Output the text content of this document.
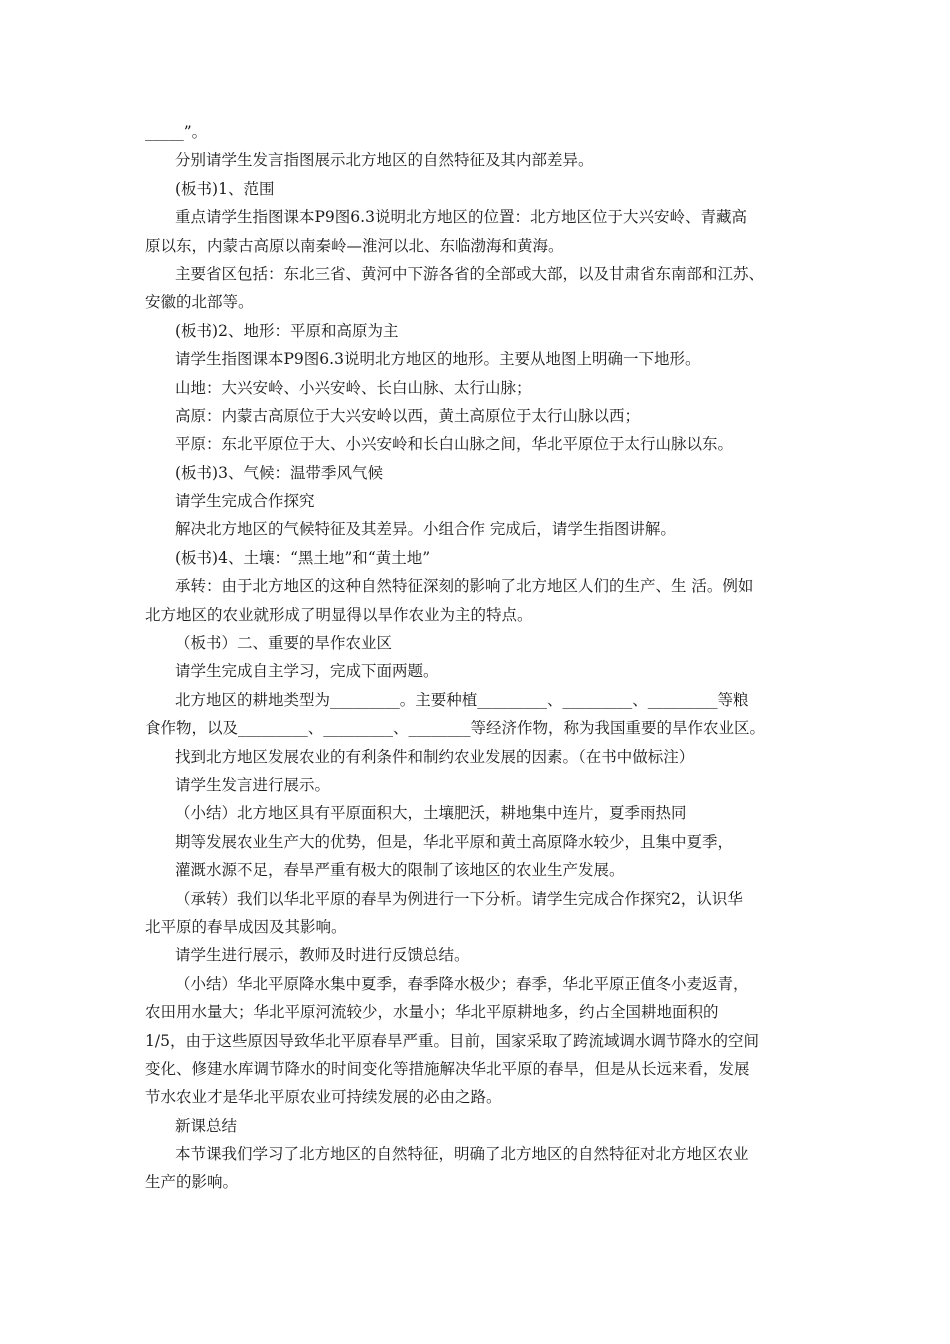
_____”。
分别请学生发言指图展示北方地区的自然特征及其内部差异。
(板书)1、范围
重点请学生指图课本P9图6.3说明北方地区的位置：北方地区位于大兴安岭、青藏高
原以东，内蒙古高原以南秦岭—淮河以北、东临渤海和黄海。
主要省区包括：东北三省、黄河中下游各省的全部或大部，以及甘肃省东南部和江苏、
安徽的北部等。
(板书)2、地形：平原和高原为主
请学生指图课本P9图6.3说明北方地区的地形。主要从地图上明确一下地形。
山地：大兴安岭、小兴安岭、长白山脉、太行山脉；
高原：内蒙古高原位于大兴安岭以西，黄土高原位于太行山脉以西；
平原：东北平原位于大、小兴安岭和长白山脉之间，华北平原位于太行山脉以东。
(板书)3、气候：温带季风气候
请学生完成合作探究
解决北方地区的气候特征及其差异。小组合作 完成后，请学生指图讲解。
(板书)4、土壤：“黑土地”和“黄土地”
承转：由于北方地区的这种自然特征深刻的影响了北方地区人们的生产、生 活。例如
北方地区的农业就形成了明显得以旱作农业为主的特点。
（板书）二、重要的旱作农业区
请学生完成自主学习，完成下面两题。
北方地区的耕地类型为_________。主要种植_________、_________、_________等粮
食作物，以及_________、_________、________等经济作物，称为我国重要的旱作农业区。
找到北方地区发展农业的有利条件和制约农业发展的因素。（在书中做标注）
请学生发言进行展示。
（小结）北方地区具有平原面积大，土壤肥沃，耕地集中连片，夏季雨热同
期等发展农业生产大的优势，但是，华北平原和黄土高原降水较少，且集中夏季，
灌溉水源不足，春旱严重有极大的限制了该地区的农业生产发展。
（承转）我们以华北平原的春旱为例进行一下分析。请学生完成合作探究2，认识华
北平原的春旱成因及其影响。
请学生进行展示，教师及时进行反馈总结。
（小结）华北平原降水集中夏季，春季降水极少；春季，华北平原正值冬小麦返青，
农田用水量大；华北平原河流较少，水量小；华北平原耕地多，约占全国耕地面积的
1/5，由于这些原因导致华北平原春旱严重。目前，国家采取了跨流域调水调节降水的空间
变化、修建水库调节降水的时间变化等措施解决华北平原的春旱，但是从长远来看，发展
节水农业才是华北平原农业可持续发展的必由之路。
新课总结
本节课我们学习了北方地区的自然特征，明确了北方地区的自然特征对北方地区农业
生产的影响。
